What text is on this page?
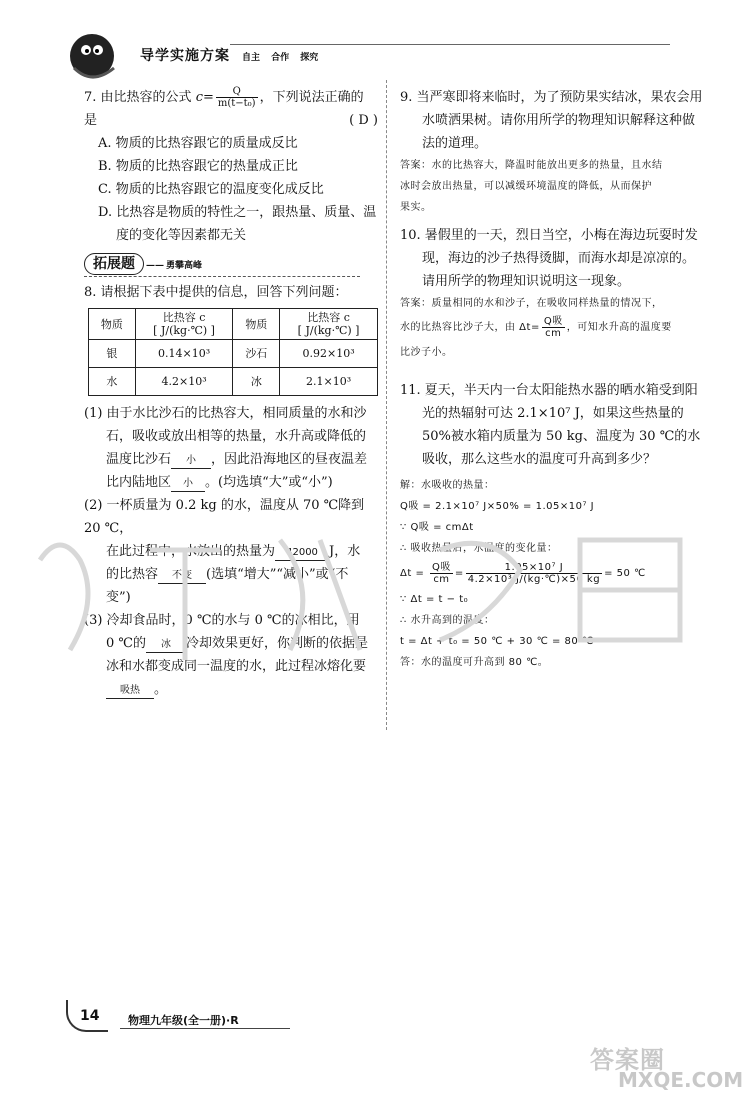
导学实施方案 自主 合作 探究

7. 由比热容的公式 $c= \frac{Q}{\text{m(t−t₀)}}$ ，下列说法正确的

是	( D )

A. 物质的比热容跟它的质量成反比

B. 物质的比热容跟它的热量成正比

C. 物质的比热容跟它的温度变化成反比

D. 比热容是物质的特性之一，跟热量、质量、温

度的变化等因素都无关

拓展题 —— 勇攀高峰

8. 请根据下表中提供的信息，回答下列问题：

物质	比热容 c
[ J/(kg·℃) ]	物质	比热容 c
[ J/(kg·℃) ]
银	0.14×10³	沙石	0.92×10³
水	4.2×10³	冰	2.1×10³

(1) 由于水比沙石的比热容大，相同质量的水和沙

石，吸收或放出相等的热量，水升高或降低的

温度比沙石 小 ，因此沿海地区的昼夜温差

比内陆地区 小 。(均选填“大”或“小”)

(2) 一杯质量为 0.2 kg 的水，温度从 70 ℃降到 20 ℃，

在此过程中，水放出的热量为 42000 J，水

的比热容 不变 (选填“增大”“减小”或“不

变”)

(3) 冷却食品时，0 ℃的水与 0 ℃的冰相比，用

0 ℃的 冰 冷却效果更好，你判断的依据是

冰和水都变成同一温度的水，此过程冰熔化要

吸热 。

9. 当严寒即将来临时，为了预防果实结冰，果农会用

水喷洒果树。请你用所学的物理知识解释这种做

法的道理。

答案：水的比热容大，降温时能放出更多的热量，且水结

冰时会放出热量，可以减缓环境温度的降低，从而保护

果实。

10. 暑假里的一天，烈日当空，小梅在海边玩耍时发

现，海边的沙子热得烫脚，而海水却是凉凉的。

请用所学的物理知识说明这一现象。

答案：质量相同的水和沙子，在吸收同样热量的情况下，

水的比热容比沙子大，由 $\Delta t= \frac{\text{Q吸}}{cm}$ ，可知水升高的温度要

比沙子小。

11. 夏天，半天内一台太阳能热水器的晒水箱受到阳

光的热辐射可达 2.1×10⁷ J，如果这些热量的

50%被水箱内质量为 50 kg、温度为 30 ℃的水

吸收，那么这些水的温度可升高到多少？

解：水吸收的热量：

Q吸 = 2.1×10⁷ J×50% = 1.05×10⁷ J

∵ Q吸 = cmΔt

∴ 吸收热量后，水温度的变化量：

$\Delta t = \frac{\text{Q吸}}{cm} = \frac{\text{1.05×10⁷ J}}{\text{4.2×10³ J/(kg·℃)×50 kg}} = 50$ ℃

∵ Δt = t − t₀

∴ 水升高到的温度：

t = Δt + t₀ = 50 ℃ + 30 ℃ = 80 ℃

答：水的温度可升高到 80 ℃。

14	物理九年级(全一册)·R
答案圈
MXQE.COM
